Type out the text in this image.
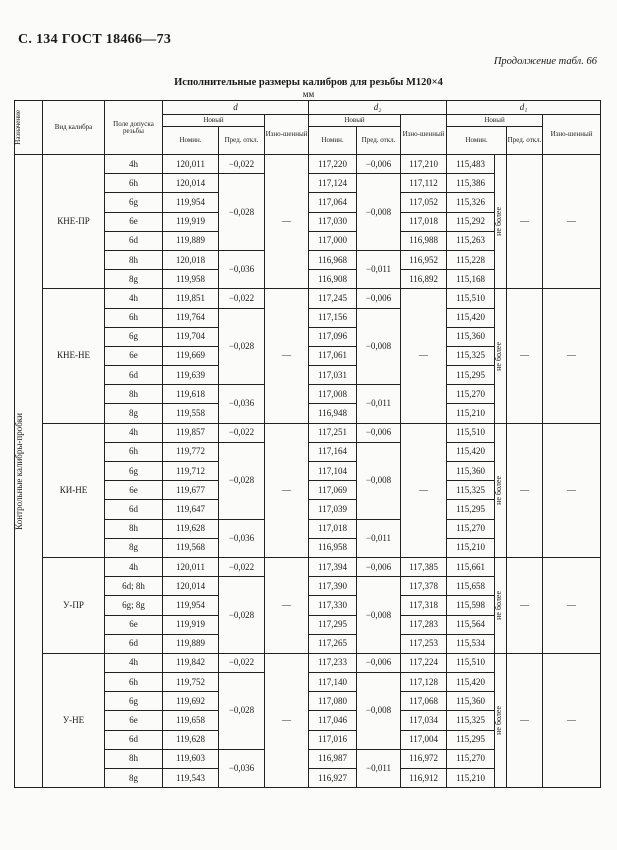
С. 134 ГОСТ 18466—73
Продолжение табл. 66
Исполнительные размеры калибров для резьбы М120×4
мм
Назначение	Вид калибра	Поле допуска резьбы	d			d₂			d₁			
			Новый		Изно-шенный	Новый		Изно-шенный	Новый			Изно-шенный
			Номин.	Пред. откл.		Номин.	Пред. откл.		Номин.		Пред. откл.	

Контрольные калибры-пробки	КНЕ-ПР	4h	120,011	−0,022	—	117,220	−0,006	117,210	115,483	не более	—	—
		6h	120,014	−0,028		117,124	−0,008	117,112	115,386			
		6g	119,954			117,064		117,052	115,326			
		6e	119,919			117,030		117,018	115,292			
		6d	119,889			117,000		116,988	115,263			
		8h	120,018	−0,036		116,968	−0,011	116,952	115,228			
		8g	119,958			116,908		116,892	115,168			
	КНЕ-НЕ	4h	119,851	−0,022	—	117,245	−0,006	—	115,510	не более	—	—
		6h	119,764	−0,028		117,156	−0,008		115,420			
		6g	119,704			117,096			115,360			
		6e	119,669			117,061			115,325			
		6d	119,639			117,031			115,295			
		8h	119,618	−0,036		117,008	−0,011		115,270			
		8g	119,558			116,948			115,210			
	КИ-НЕ	4h	119,857	−0,022	—	117,251	−0,006	—	115,510	не более	—	—
		6h	119,772	−0,028		117,164	−0,008		115,420			
		6g	119,712			117,104			115,360			
		6e	119,677			117,069			115,325			
		6d	119,647			117,039			115,295			
		8h	119,628	−0,036		117,018	−0,011		115,270			
		8g	119,568			116,958			115,210			
	У-ПР	4h	120,011	−0,022	—	117,394	−0,006	117,385	115,661	не более	—	—
		6d; 8h	120,014	−0,028		117,390	−0,008	117,378	115,658			
		6g; 8g	119,954			117,330		117,318	115,598			
		6e	119,919			117,295		117,283	115,564			
		6d	119,889			117,265		117,253	115,534			
	У-НЕ	4h	119,842	−0,022	—	117,233	−0,006	117,224	115,510	не более	—	—
		6h	119,752	−0,028		117,140	−0,008	117,128	115,420			
		6g	119,692			117,080		117,068	115,360			
		6e	119,658			117,046		117,034	115,325			
		6d	119,628			117,016		117,004	115,295			
		8h	119,603	−0,036		116,987	−0,011	116,972	115,270			
		8g	119,543			116,927		116,912	115,210			
